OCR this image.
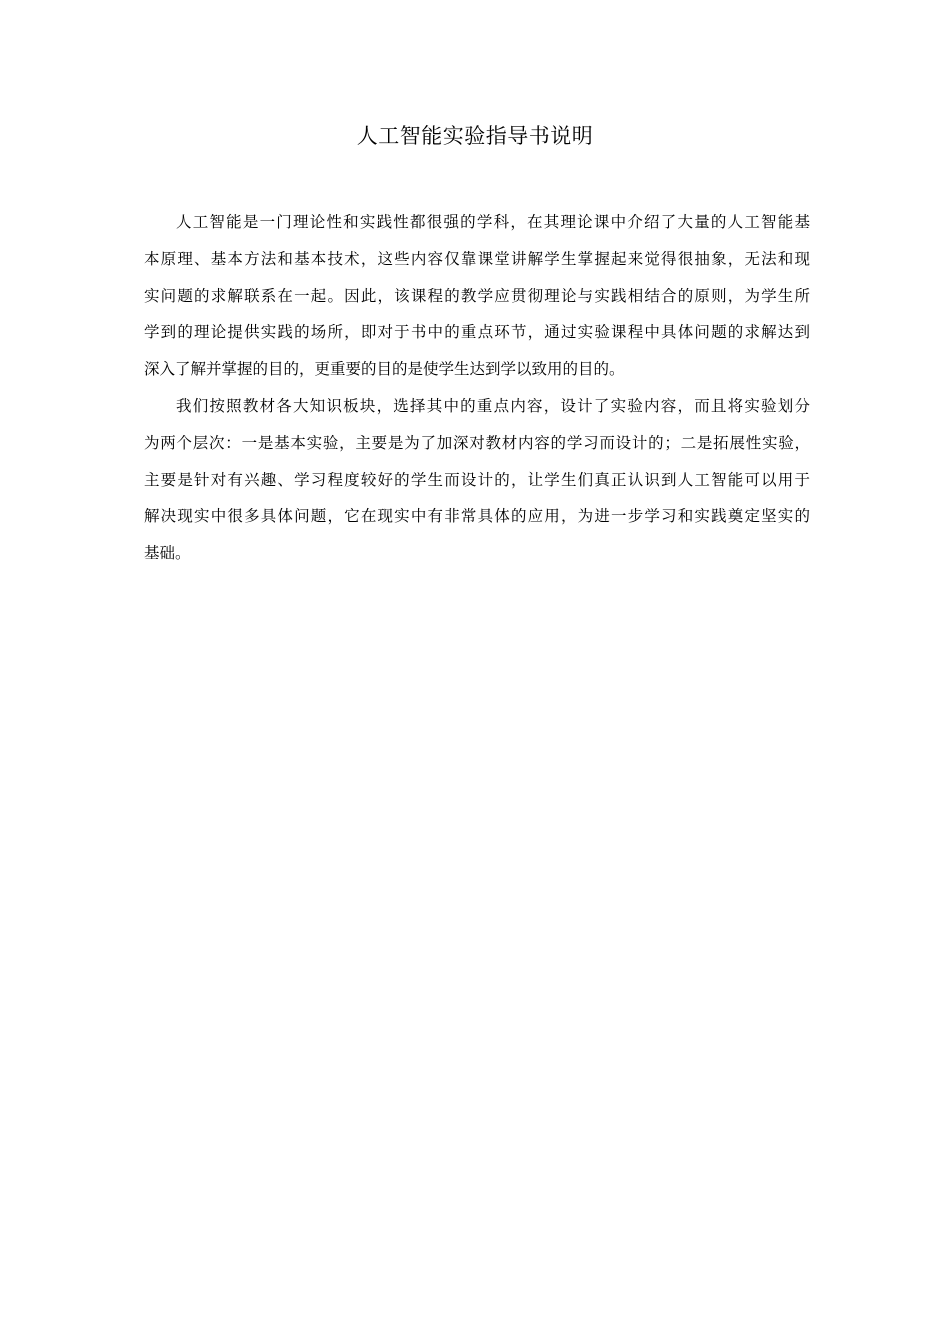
人工智能实验指导书说明
人工智能是一门理论性和实践性都很强的学科，在其理论课中介绍了大量的人工智能基
本原理、基本方法和基本技术，这些内容仅靠课堂讲解学生掌握起来觉得很抽象，无法和现
实问题的求解联系在一起。因此，该课程的教学应贯彻理论与实践相结合的原则，为学生所
学到的理论提供实践的场所，即对于书中的重点环节，通过实验课程中具体问题的求解达到
深入了解并掌握的目的，更重要的目的是使学生达到学以致用的目的。
我们按照教材各大知识板块，选择其中的重点内容，设计了实验内容，而且将实验划分
为两个层次：一是基本实验，主要是为了加深对教材内容的学习而设计的；二是拓展性实验，
主要是针对有兴趣、学习程度较好的学生而设计的，让学生们真正认识到人工智能可以用于
解决现实中很多具体问题，它在现实中有非常具体的应用，为进一步学习和实践奠定坚实的
基础。
